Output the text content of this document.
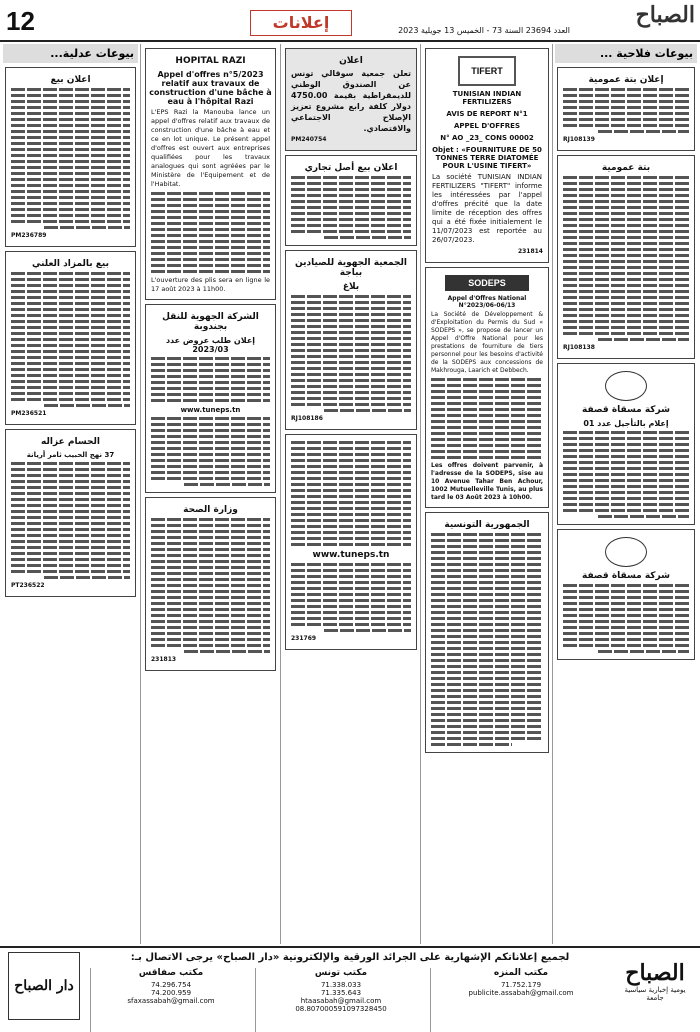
12	إعلانات	العدد 23694 السنة 73 - الخميس 13 جويلية 2023
الصباح
بيوعات فلاحية ...
إعلان بتة عمومية
RJ108139
بتة عمومية
RJ108138
شركة مسقاة قصفة
إعلام بالتأجيل عدد 01
شركة مسقاة قصفة
TIFERT
TUNISIAN INDIAN FERTILIZERS
AVIS DE REPORT N°1
APPEL D'OFFRES
N° AO _23_ CONS 00002
Objet : «FOURNITURE DE 50 TONNES TERRE DIATOMÉE POUR L'USINE TIFERT»
La société TUNISIAN INDIAN FERTILIZERS "TIFERT" informe les intéressées par l'appel d'offres précité que la date limite de réception des offres qui a été fixée initialement le 11/07/2023 est reportée au 26/07/2023.
231814
SODEPS
Appel d'Offres National N°2023/06-06/13
La Société de Développement & d'Exploitation du Permis du Sud « SODEPS », se propose de lancer un Appel d'Offre National pour les prestations de fourniture de tiers personnel pour les besoins d'activité de la SODEPS aux concessions de Makhrouga, Laarich et Debbech.
Les offres doivent parvenir, à l'adresse de la SODEPS, sise au 10 Avenue Tahar Ben Achour, 1002 Mutuelleville Tunis, au plus tard le 03 Août 2023 à 10h00.
الجمهورية التونسية
اعلان
تعلن جمعية سوقالي تونس عن الصندوق الوطني للديمقراطية بقيمة 4750.00 دولار كلفة رابع مشروع تعزيز الإصلاح الاجتماعي والاقتصادي.
PM240754
اعلان بيع أصل تجاري
الجمعية الجهوية للصيادين بباجة
بلاغ
RJ108186
www.tuneps.tn
231769
HOPITAL RAZI
Appel d'offres n°5/2023 relatif aux travaux de construction d'une bâche à eau à l'hôpital Razi
L'EPS Razi la Manouba lance un appel d'offres relatif aux travaux de construction d'une bâche à eau et ce en lot unique. Le présent appel d'offres est ouvert aux entreprises qualifiées pour les travaux analogues qui sont agréées par le Ministère de l'Equipement et de l'Habitat.
L'ouverture des plis sera en ligne le 17 août 2023 à 11h00.
الشركة الجهوية للنقل بجندوبة
إعلان طلب عروض عدد 2023/03
www.tuneps.tn
وزارة الصحة
231813
بيوعات عدلية...
اعلان بيع
PM236789
بيع بالمزاد العلني
PM236521
الحسام عزاله
37 نهج الحبيب ثامر أريانة
PT236522
دار الصباح
لجميع إعلاناتكم الإشهارية على الجرائد الورقية والإلكترونية «دار الصباح» يرجى الاتصال بـ:
مكتب صفاقس
74.296.754
74.200.959
sfaxassabah@gmail.com
مكتب تونس
71.338.033
71.335.643
htaasabah@gmail.com
08.807000591097328450
مكتب المنزه
71.752.179
publicite.assabah@gmail.com
الصباح
يومية إخبارية سياسية جامعة
